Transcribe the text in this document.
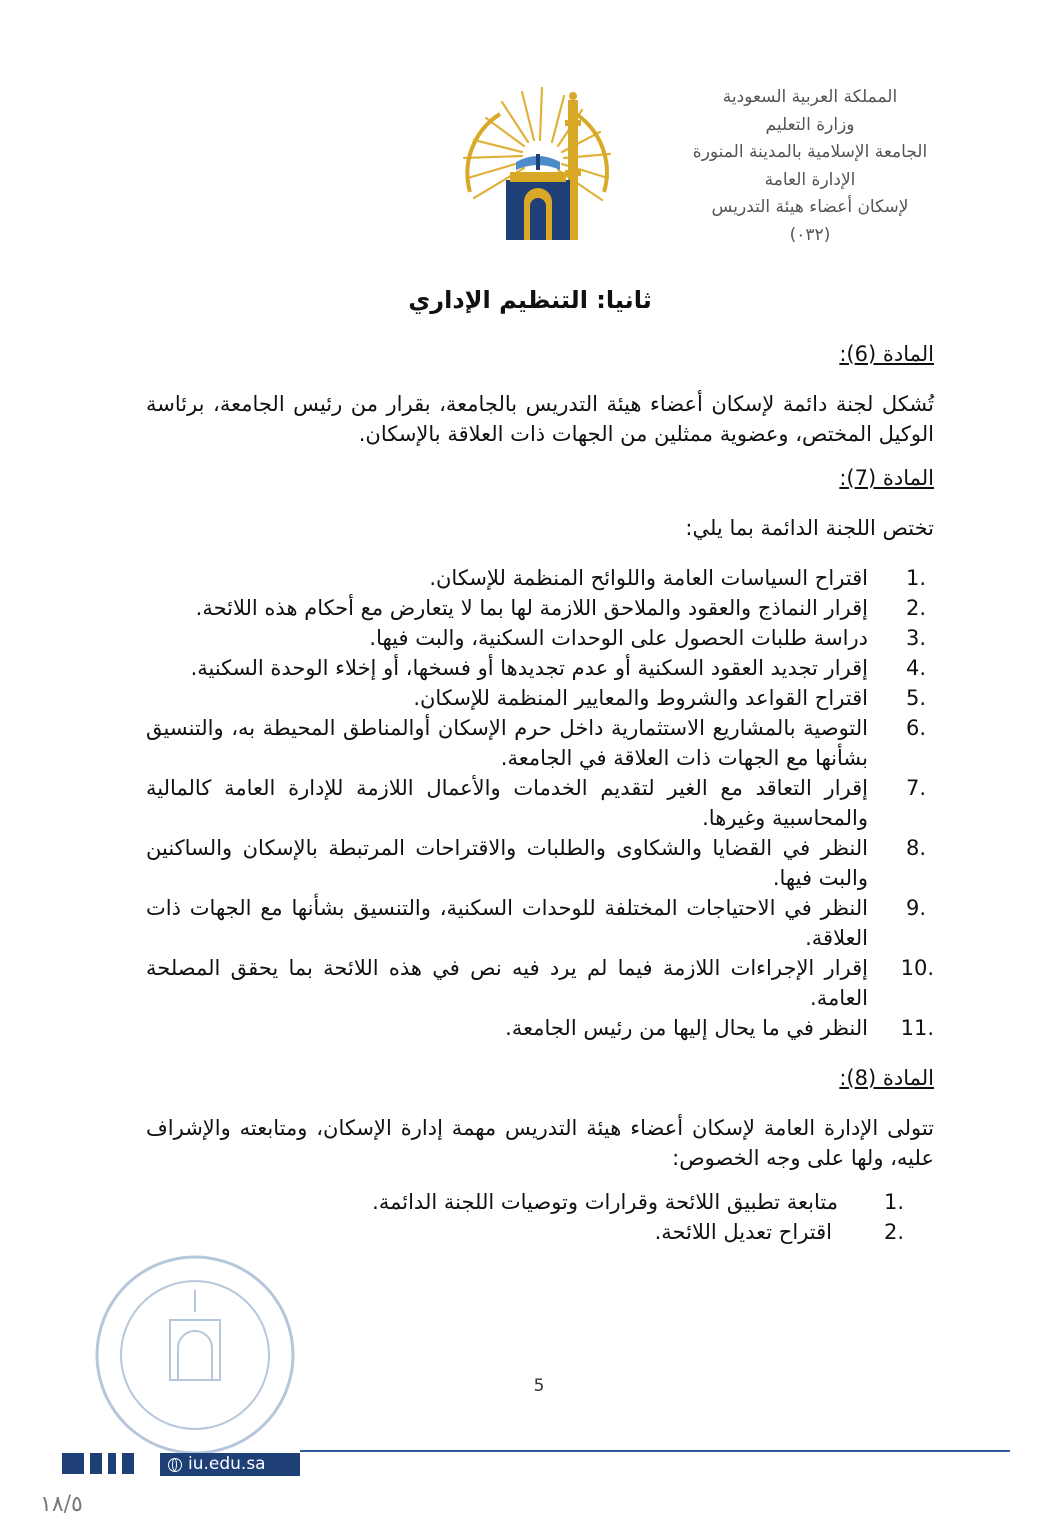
المملكة العربية السعودية
وزارة التعليم
الجامعة الإسلامية بالمدينة المنورة
الإدارة العامة
لإسكان أعضاء هيئة التدريس
(٠٣٢)
ثانيا: التنظيم الإداري
المادة (6):
تُشكل لجنة دائمة لإسكان أعضاء هيئة التدريس بالجامعة، بقرار من رئيس الجامعة، برئاسة الوكيل المختص، وعضوية ممثلين من الجهات ذات العلاقة بالإسكان.
المادة (7):
تختص اللجنة الدائمة بما يلي:
1.
اقتراح السياسات العامة واللوائح المنظمة للإسكان.
2.
إقرار النماذج والعقود والملاحق اللازمة لها بما لا يتعارض مع أحكام هذه اللائحة.
3.
دراسة طلبات الحصول على الوحدات السكنية، والبت فيها.
4.
إقرار تجديد العقود السكنية أو عدم تجديدها أو فسخها، أو إخلاء الوحدة السكنية.
5.
اقتراح القواعد والشروط والمعايير المنظمة للإسكان.
6.
التوصية بالمشاريع الاستثمارية داخل حرم الإسكان أوالمناطق المحيطة به، والتنسيق بشأنها مع الجهات ذات العلاقة في الجامعة.
7.
إقرار التعاقد مع الغير لتقديم الخدمات والأعمال اللازمة للإدارة العامة كالمالية والمحاسبية وغيرها.
8.
النظر في القضايا والشكاوى والطلبات والاقتراحات المرتبطة بالإسكان والساكنين والبت فيها.
9.
النظر في الاحتياجات المختلفة للوحدات السكنية، والتنسيق بشأنها مع الجهات ذات العلاقة.
10.
إقرار الإجراءات اللازمة فيما لم يرد فيه نص في هذه اللائحة بما يحقق المصلحة العامة.
11.
النظر في ما يحال إليها من رئيس الجامعة.
المادة (8):
تتولى الإدارة العامة لإسكان أعضاء هيئة التدريس مهمة إدارة الإسكان، ومتابعته والإشراف عليه، ولها على وجه الخصوص:
1.
متابعة تطبيق اللائحة وقرارات وتوصيات اللجنة الدائمة.
2.
اقتراح تعديل اللائحة.
5
iu.edu.sa
١٨/٥
